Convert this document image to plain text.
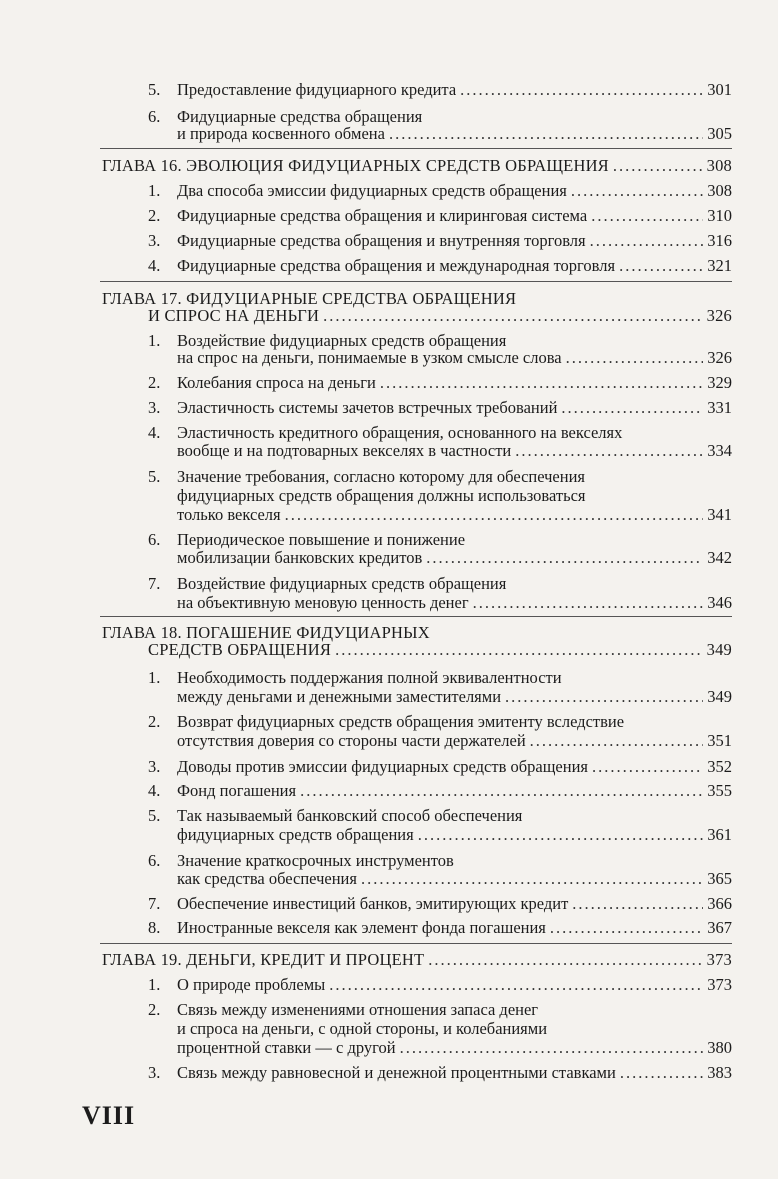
5. Предоставление фидуциарного кредита .....	301
6. Фидуциарные средства обращения
и природа косвенного обмена .....	305
ГЛАВА 16. ЭВОЛЮЦИЯ ФИДУЦИАРНЫХ СРЕДСТВ ОБРАЩЕНИЯ .....	308
1. Два способа эмиссии фидуциарных средств обращения .....	308
2. Фидуциарные средства обращения и клиринговая система .....	310
3. Фидуциарные средства обращения и внутренняя торговля .....	316
4. Фидуциарные средства обращения и международная торговля .....	321
ГЛАВА 17. ФИДУЦИАРНЫЕ СРЕДСТВА ОБРАЩЕНИЯ
И СПРОС НА ДЕНЬГИ .....	326
1. Воздействие фидуциарных средств обращения
на спрос на деньги, понимаемые в узком смысле слова .....	326
2. Колебания спроса на деньги .....	329
3. Эластичность системы зачетов встречных требований .....	331
4. Эластичность кредитного обращения, основанного на векселях
вообще и на подтоварных векселях в частности .....	334
5. Значение требования, согласно которому для обеспечения
фидуциарных средств обращения должны использоваться
только векселя .....	341
6. Периодическое повышение и понижение
мобилизации банковских кредитов .....	342
7. Воздействие фидуциарных средств обращения
на объективную меновую ценность денег .....	346
ГЛАВА 18. ПОГАШЕНИЕ ФИДУЦИАРНЫХ
СРЕДСТВ ОБРАЩЕНИЯ .....	349
1. Необходимость поддержания полной эквивалентности
между деньгами и денежными заместителями .....	349
2. Возврат фидуциарных средств обращения эмитенту вследствие
отсутствия доверия со стороны части держателей .....	351
3. Доводы против эмиссии фидуциарных средств обращения .....	352
4. Фонд погашения .....	355
5. Так называемый банковский способ обеспечения
фидуциарных средств обращения .....	361
6. Значение краткосрочных инструментов
как средства обеспечения .....	365
7. Обеспечение инвестиций банков, эмитирующих кредит .....	366
8. Иностранные векселя как элемент фонда погашения .....	367
ГЛАВА 19. ДЕНЬГИ, КРЕДИТ И ПРОЦЕНТ .....	373
1. О природе проблемы .....	373
2. Связь между изменениями отношения запаса денег
и спроса на деньги, с одной стороны, и колебаниями
процентной ставки — с другой .....	380
3. Связь между равновесной и денежной процентными ставками .....	383
VIII
